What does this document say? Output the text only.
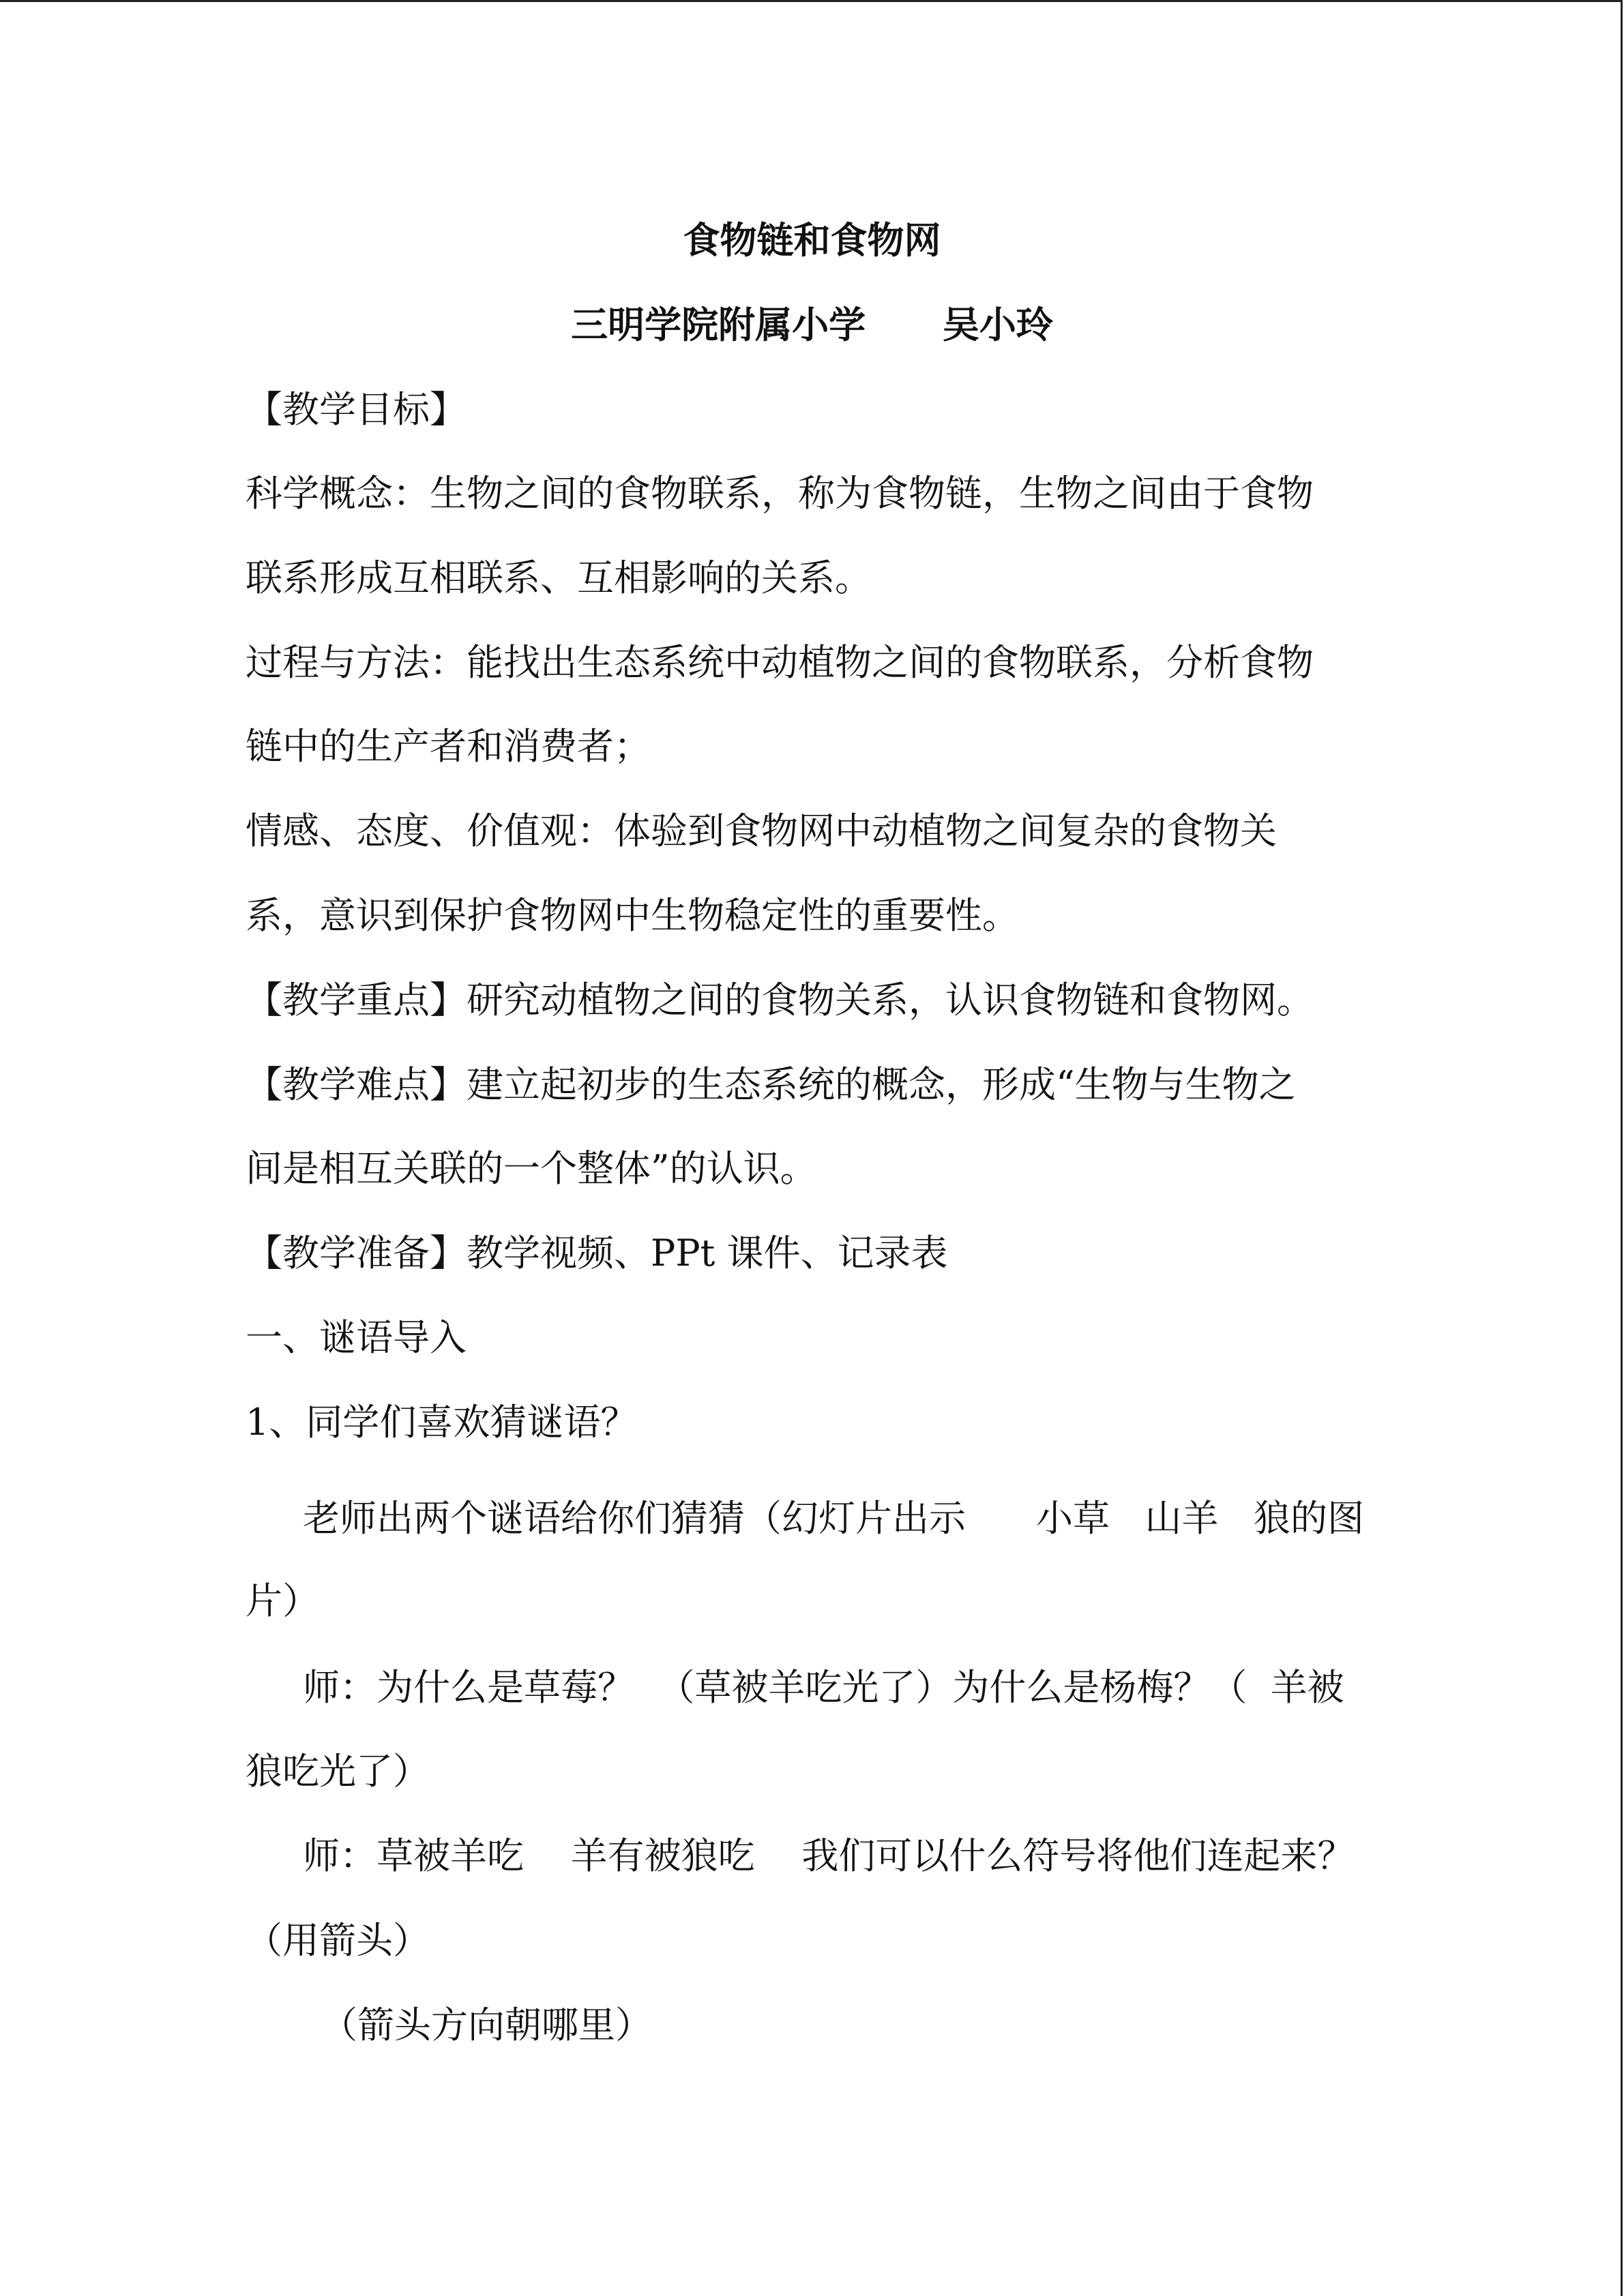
食物链和食物网
三明学院附属小学      吴小玲
【教学目标】
科学概念：生物之间的食物联系，称为食物链，生物之间由于食物
联系形成互相联系、互相影响的关系。
过程与方法：能找出生态系统中动植物之间的食物联系，分析食物
链中的生产者和消费者；
情感、态度、价值观：体验到食物网中动植物之间复杂的食物关
系，意识到保护食物网中生物稳定性的重要性。
【教学重点】研究动植物之间的食物关系，认识食物链和食物网。
【教学难点】建立起初步的生态系统的概念，形成“生物与生物之
间是相互关联的一个整体”的认识。
【教学准备】教学视频、PPt 课件、记录表
一、谜语导入
1、同学们喜欢猜谜语？
老师出两个谜语给你们猜猜（幻灯片出示      小草   山羊   狼的图
片）
师：为什么是草莓？  （草被羊吃光了）为什么是杨梅？（  羊被
狼吃光了）
师：草被羊吃    羊有被狼吃    我们可以什么符号将他们连起来？
（用箭头）
（箭头方向朝哪里）
